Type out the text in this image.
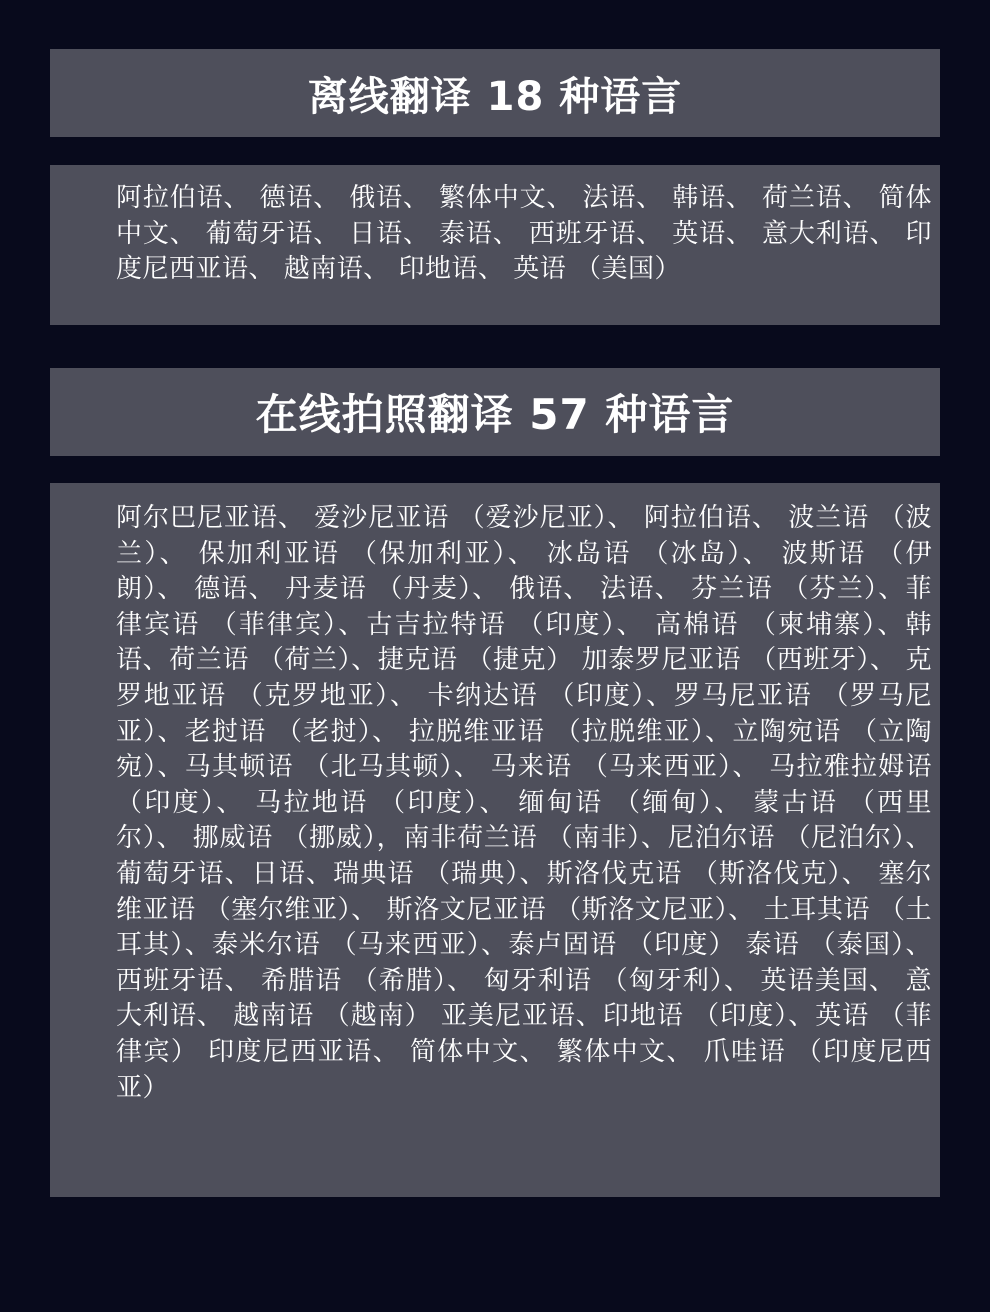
离线翻译 18 种语言
阿拉伯语、 德语、 俄语、 繁体中文、 法语、 韩语、 荷兰语、 简体中文、 葡萄牙语、 日语、 泰语、 西班牙语、 英语、 意大利语、 印度尼西亚语、 越南语、 印地语、 英语 （美国）
在线拍照翻译 57 种语言
阿尔巴尼亚语、 爱沙尼亚语 （爱沙尼亚）、 阿拉伯语、 波兰语 （波兰）、 保加利亚语 （保加利亚）、 冰岛语 （冰岛）、 波斯语 （伊朗）、 德语、 丹麦语 （丹麦）、 俄语、 法语、 芬兰语 （芬兰）、菲律宾语 （菲律宾）、古吉拉特语 （印度）、 高棉语 （柬埔寨）、韩语、荷兰语 （荷兰）、捷克语 （捷克） 加泰罗尼亚语 （西班牙）、 克罗地亚语 （克罗地亚）、 卡纳达语 （印度）、罗马尼亚语 （罗马尼亚）、老挝语 （老挝）、 拉脱维亚语 （拉脱维亚）、立陶宛语 （立陶宛）、马其顿语 （北马其顿）、 马来语 （马来西亚）、 马拉雅拉姆语 （印度）、 马拉地语 （印度）、 缅甸语 （缅甸）、 蒙古语 （西里尔）、 挪威语 （挪威），南非荷兰语 （南非）、尼泊尔语 （尼泊尔）、 葡萄牙语、日语、瑞典语 （瑞典）、斯洛伐克语 （斯洛伐克）、 塞尔维亚语 （塞尔维亚）、 斯洛文尼亚语 （斯洛文尼亚）、 土耳其语 （土耳其）、泰米尔语 （马来西亚）、泰卢固语 （印度） 泰语 （泰国）、 西班牙语、 希腊语 （希腊）、 匈牙利语 （匈牙利）、 英语美国、 意大利语、 越南语 （越南） 亚美尼亚语、印地语 （印度）、英语 （菲律宾） 印度尼西亚语、 简体中文、 繁体中文、 爪哇语 （印度尼西亚）
